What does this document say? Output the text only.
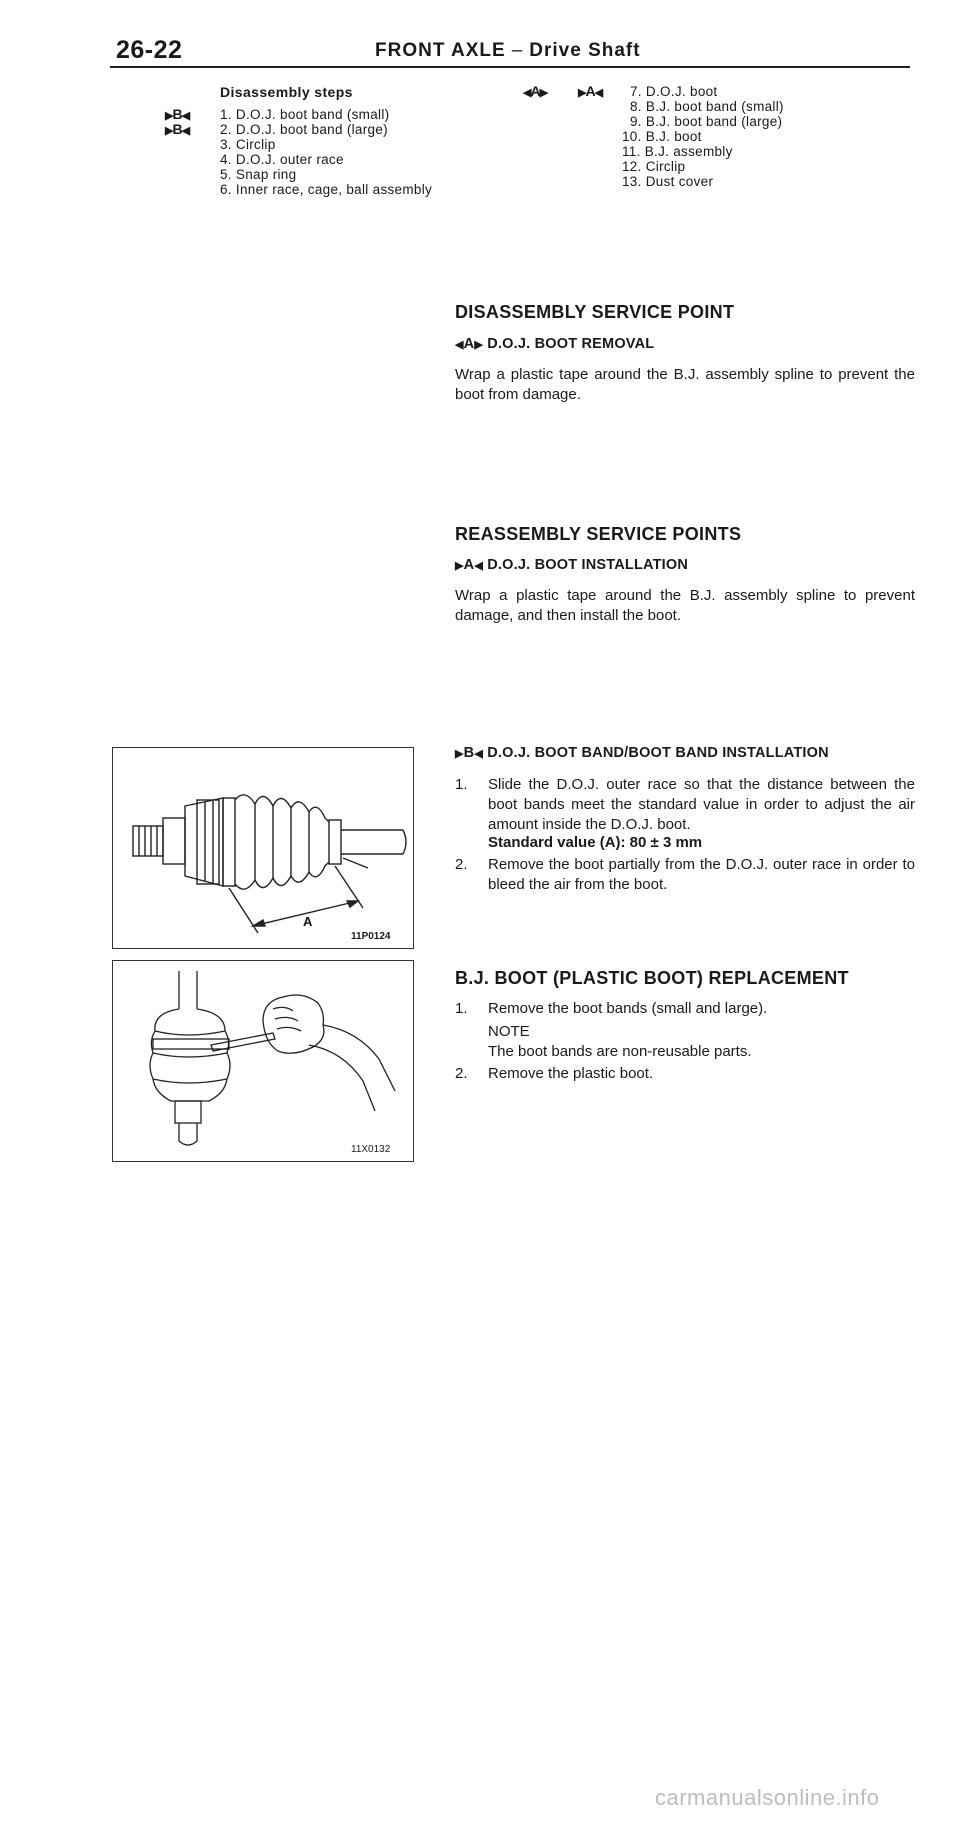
26-22	FRONT AXLE – Drive Shaft
Disassembly steps
▶B◀
▶B◀
1. D.O.J. boot band (small)
2. D.O.J. boot band (large)
3. Circlip
4. D.O.J. outer race
5. Snap ring
6. Inner race, cage, ball assembly
◀A▶	▶A◀ 7. D.O.J. boot
8. B.J. boot band (small)
9. B.J. boot band (large)
10. B.J. boot
11. B.J. assembly
12. Circlip
13. Dust cover
DISASSEMBLY SERVICE POINT
◀A▶ D.O.J. BOOT REMOVAL
Wrap a plastic tape around the B.J. assembly spline to prevent the boot from damage.
REASSEMBLY SERVICE POINTS
▶A◀ D.O.J. BOOT INSTALLATION
Wrap a plastic tape around the B.J. assembly spline to prevent damage, and then install the boot.
▶B◀ D.O.J. BOOT BAND/BOOT BAND INSTALLATION
1. Slide the D.O.J. outer race so that the distance between the boot bands meet the standard value in order to adjust the air amount inside the D.O.J. boot.
Standard value (A): 80 ± 3 mm
2. Remove the boot partially from the D.O.J. outer race in order to bleed the air from the boot.
B.J. BOOT (PLASTIC BOOT) REPLACEMENT
1. Remove the boot bands (small and large).
NOTE
The boot bands are non-reusable parts.
2. Remove the plastic boot.
A
11P0124
11X0132
carmanualsonline.info
